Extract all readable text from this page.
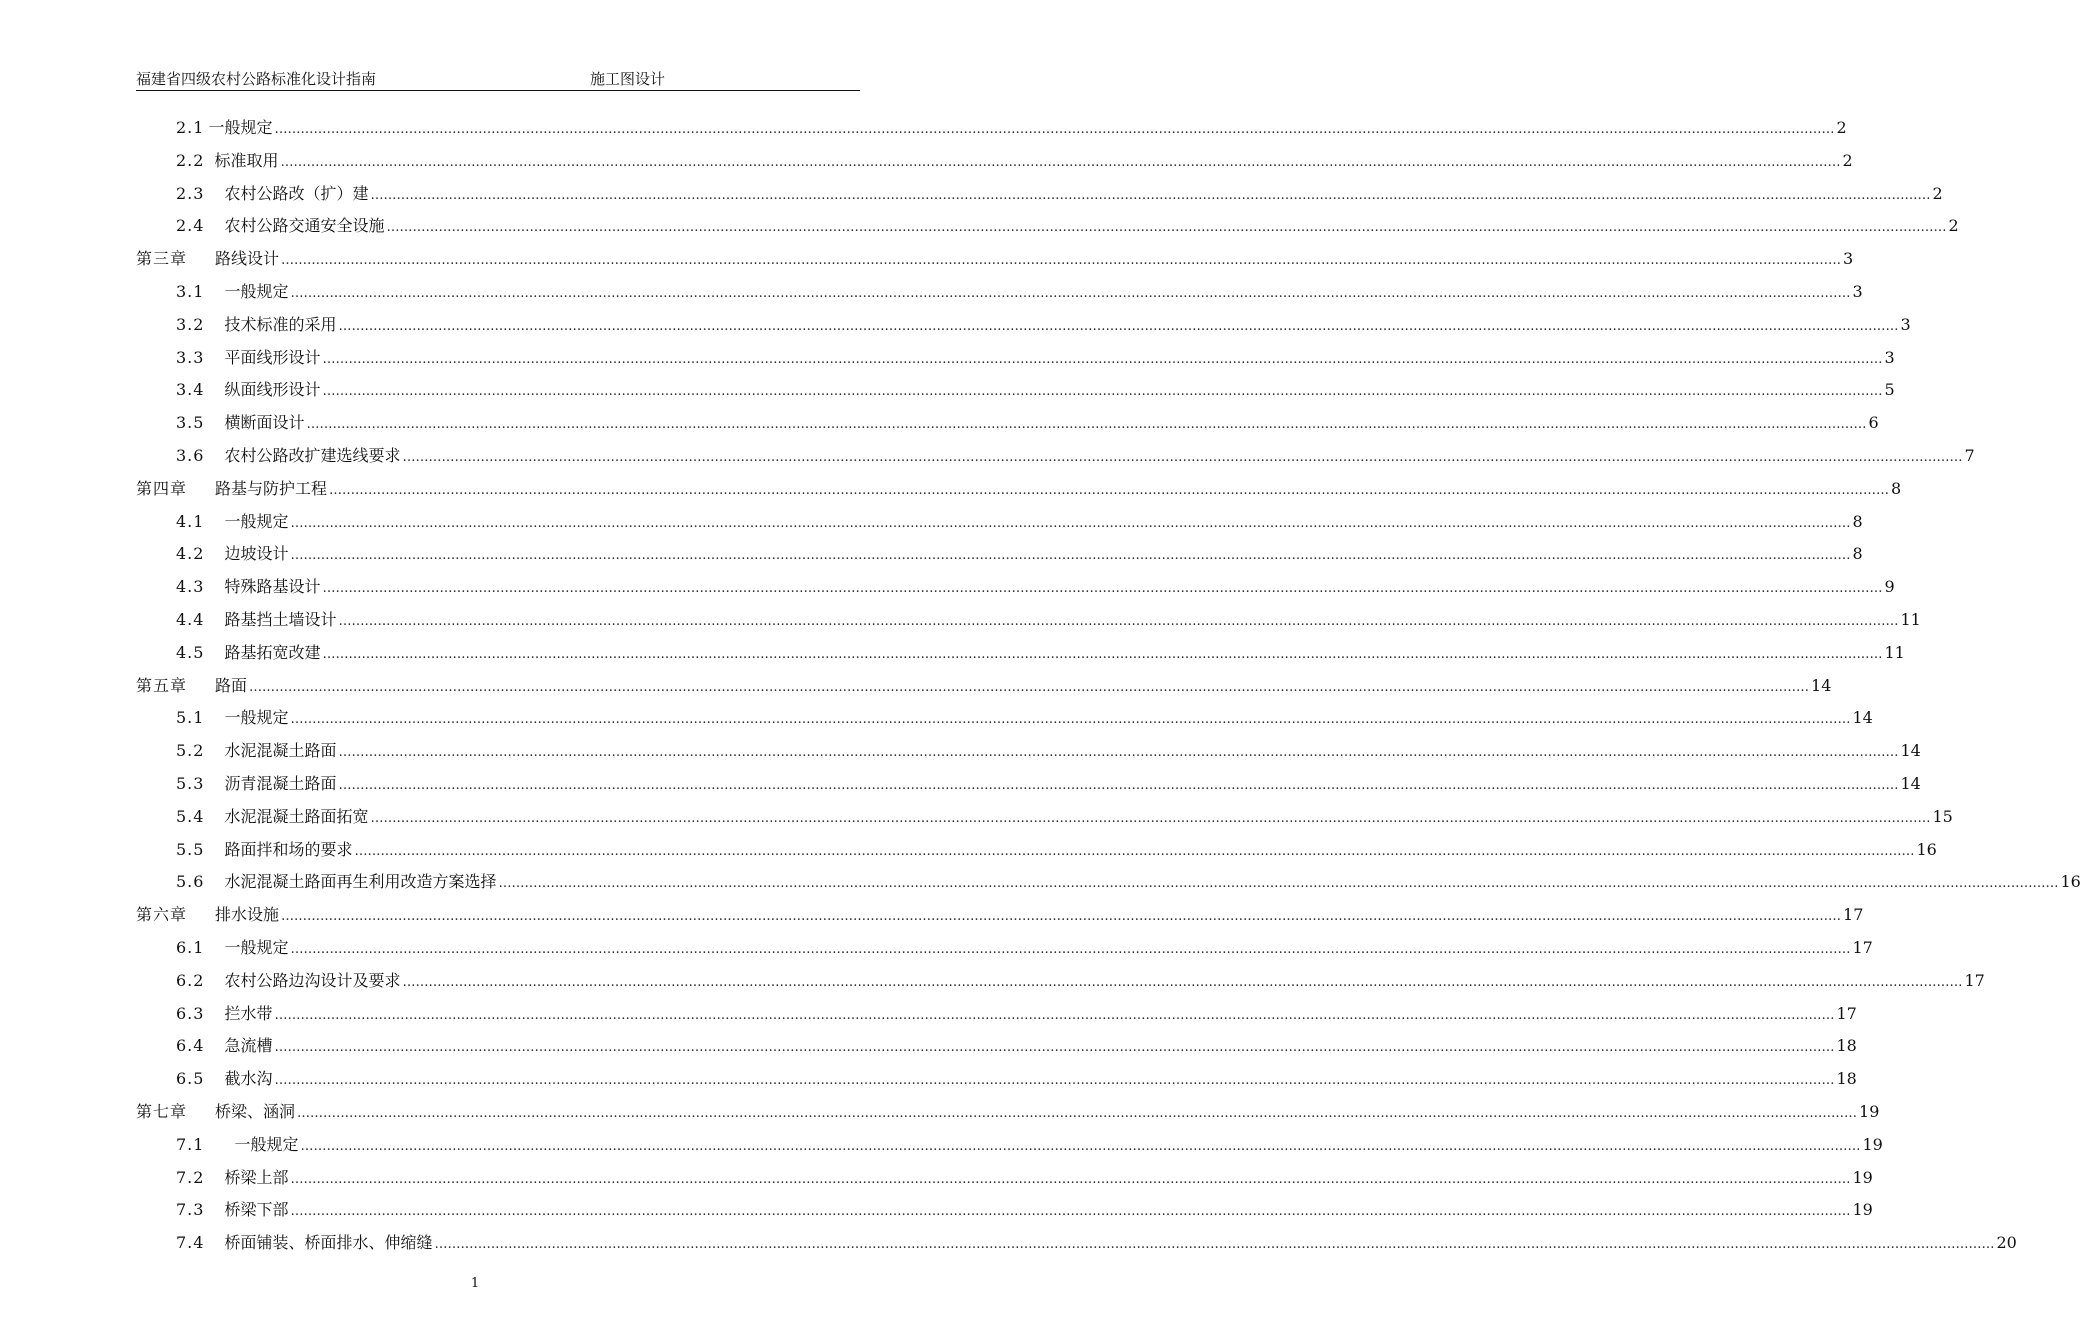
福建省四级农村公路标准化设计指南	施工图设计
2.1 一般规定 ……………………………………………………………………………………………………………………………………………………………………………………………………………………………………………………………………………………………………………………………… 2
2.2 标准取用 ……………………………………………………………………………………………………………………………………………………………………………………………………………………………………………………………………………………………………………………………… 2
2.3 农村公路改（扩）建 ……………………………………………………………………………………………………………………………………………………………………………………………………………………………………………………………………………………………………………………………… 2
2.4 农村公路交通安全设施 ……………………………………………………………………………………………………………………………………………………………………………………………………………………………………………………………………………………………………………………………… 2
第三章 路线设计 ……………………………………………………………………………………………………………………………………………………………………………………………………………………………………………………………………………………………………………………………… 3
3.1 一般规定 ……………………………………………………………………………………………………………………………………………………………………………………………………………………………………………………………………………………………………………………………… 3
3.2 技术标准的采用 ……………………………………………………………………………………………………………………………………………………………………………………………………………………………………………………………………………………………………………………………… 3
3.3 平面线形设计 ……………………………………………………………………………………………………………………………………………………………………………………………………………………………………………………………………………………………………………………………… 3
3.4 纵面线形设计 ……………………………………………………………………………………………………………………………………………………………………………………………………………………………………………………………………………………………………………………………… 5
3.5 横断面设计 ……………………………………………………………………………………………………………………………………………………………………………………………………………………………………………………………………………………………………………………………… 6
3.6 农村公路改扩建选线要求 ……………………………………………………………………………………………………………………………………………………………………………………………………………………………………………………………………………………………………………………………… 7
第四章 路基与防护工程 ……………………………………………………………………………………………………………………………………………………………………………………………………………………………………………………………………………………………………………………………… 8
4.1 一般规定 ……………………………………………………………………………………………………………………………………………………………………………………………………………………………………………………………………………………………………………………………… 8
4.2 边坡设计 ……………………………………………………………………………………………………………………………………………………………………………………………………………………………………………………………………………………………………………………………… 8
4.3 特殊路基设计 ……………………………………………………………………………………………………………………………………………………………………………………………………………………………………………………………………………………………………………………………… 9
4.4 路基挡土墙设计 ……………………………………………………………………………………………………………………………………………………………………………………………………………………………………………………………………………………………………………………………… 11
4.5 路基拓宽改建 ……………………………………………………………………………………………………………………………………………………………………………………………………………………………………………………………………………………………………………………………… 11
第五章 路面 ……………………………………………………………………………………………………………………………………………………………………………………………………………………………………………………………………………………………………………………………… 14
5.1 一般规定 ……………………………………………………………………………………………………………………………………………………………………………………………………………………………………………………………………………………………………………………………… 14
5.2 水泥混凝土路面 ……………………………………………………………………………………………………………………………………………………………………………………………………………………………………………………………………………………………………………………………… 14
5.3 沥青混凝土路面 ……………………………………………………………………………………………………………………………………………………………………………………………………………………………………………………………………………………………………………………………… 14
5.4 水泥混凝土路面拓宽 ……………………………………………………………………………………………………………………………………………………………………………………………………………………………………………………………………………………………………………………………… 15
5.5 路面拌和场的要求 ……………………………………………………………………………………………………………………………………………………………………………………………………………………………………………………………………………………………………………………………… 16
5.6 水泥混凝土路面再生利用改造方案选择 ……………………………………………………………………………………………………………………………………………………………………………………………………………………………………………………………………………………………………………………………… 16
第六章 排水设施 ……………………………………………………………………………………………………………………………………………………………………………………………………………………………………………………………………………………………………………………………… 17
6.1 一般规定 ……………………………………………………………………………………………………………………………………………………………………………………………………………………………………………………………………………………………………………………………… 17
6.2 农村公路边沟设计及要求 ……………………………………………………………………………………………………………………………………………………………………………………………………………………………………………………………………………………………………………………………… 17
6.3 拦水带 ……………………………………………………………………………………………………………………………………………………………………………………………………………………………………………………………………………………………………………………………… 17
6.4 急流槽 ……………………………………………………………………………………………………………………………………………………………………………………………………………………………………………………………………………………………………………………………… 18
6.5 截水沟 ……………………………………………………………………………………………………………………………………………………………………………………………………………………………………………………………………………………………………………………………… 18
第七章 桥梁、涵洞 ……………………………………………………………………………………………………………………………………………………………………………………………………………………………………………………………………………………………………………………………… 19
7.1 一般规定 ……………………………………………………………………………………………………………………………………………………………………………………………………………………………………………………………………………………………………………………………… 19
7.2 桥梁上部 ……………………………………………………………………………………………………………………………………………………………………………………………………………………………………………………………………………………………………………………………… 19
7.3 桥梁下部 ……………………………………………………………………………………………………………………………………………………………………………………………………………………………………………………………………………………………………………………………… 19
7.4 桥面铺装、桥面排水、伸缩缝 ……………………………………………………………………………………………………………………………………………………………………………………………………………………………………………………………………………………………………………………………… 20
1
